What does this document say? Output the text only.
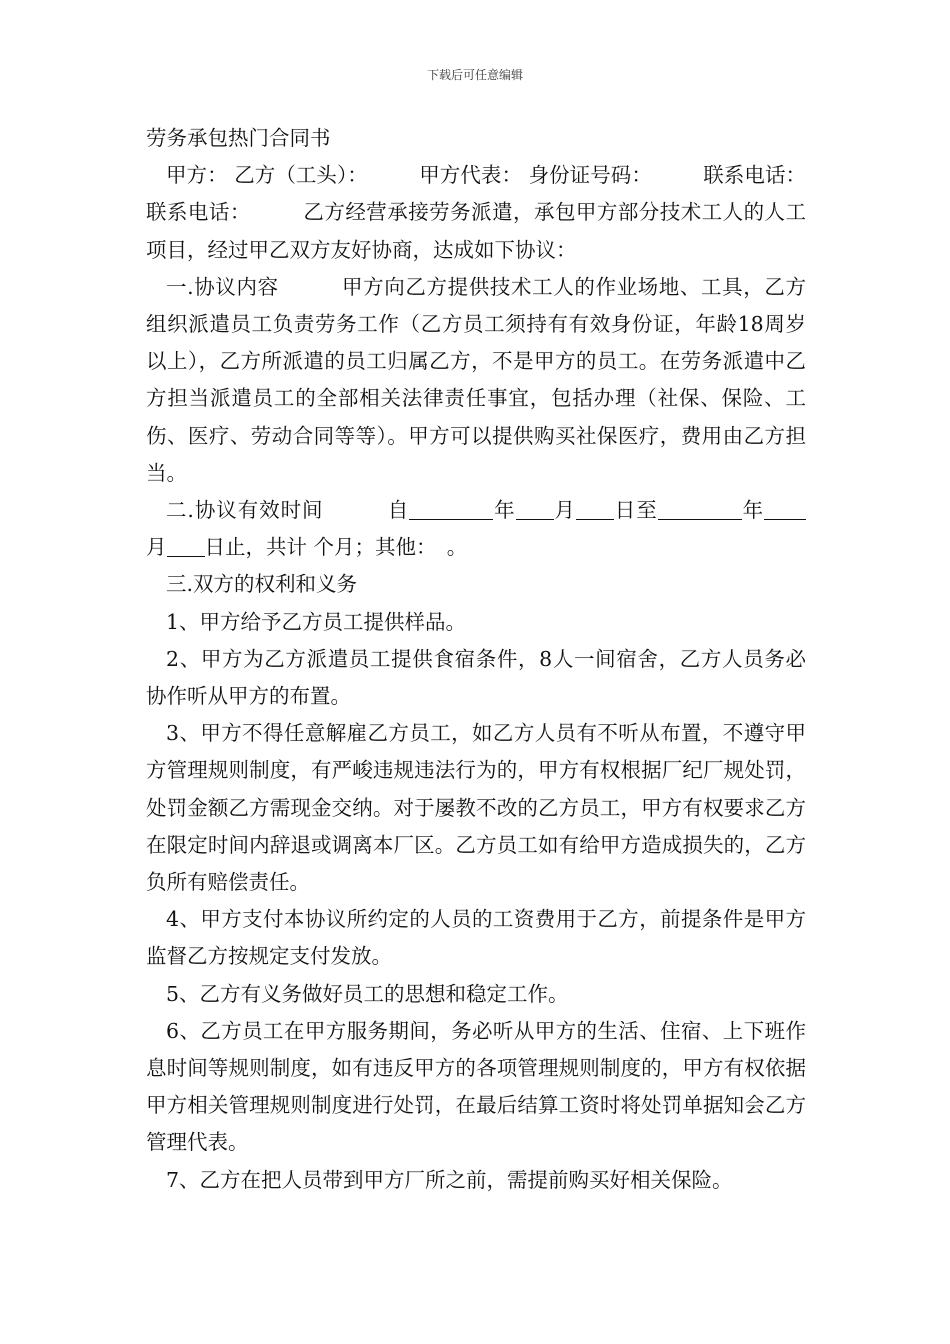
下载后可任意编辑

劳务承包热门合同书

甲方： 乙方（工头）：　　　甲方代表： 身份证号码：　　　联系电话： 联系电话：　　　乙方经营承接劳务派遣，承包甲方部分技术工人的人工项目，经过甲乙双方友好协商，达成如下协议：

一.协议内容　　　甲方向乙方提供技术工人的作业场地、工具，乙方组织派遣员工负责劳务工作（乙方员工须持有有效身份证，年龄18周岁以上），乙方所派遣的员工归属乙方，不是甲方的员工。在劳务派遣中乙方担当派遣员工的全部相关法律责任事宜，包括办理（社保、保险、工伤、医疗、劳动合同等等）。甲方可以提供购买社保医疗，费用由乙方担当。

二.协议有效时间　　　自	年 月 日至	年月 日止，共计 个月；其他：　。

三.双方的权利和义务

1、甲方给予乙方员工提供样品。

2、甲方为乙方派遣员工提供食宿条件，8人一间宿舍，乙方人员务必协作听从甲方的布置。

3、甲方不得任意解雇乙方员工，如乙方人员有不听从布置，不遵守甲方管理规则制度，有严峻违规违法行为的，甲方有权根据厂纪厂规处罚，处罚金额乙方需现金交纳。对于屡教不改的乙方员工，甲方有权要求乙方在限定时间内辞退或调离本厂区。乙方员工如有给甲方造成损失的，乙方负所有赔偿责任。

4、甲方支付本协议所约定的人员的工资费用于乙方，前提条件是甲方监督乙方按规定支付发放。

5、乙方有义务做好员工的思想和稳定工作。

6、乙方员工在甲方服务期间，务必听从甲方的生活、住宿、上下班作息时间等规则制度，如有违反甲方的各项管理规则制度的，甲方有权依据甲方相关管理规则制度进行处罚，在最后结算工资时将处罚单据知会乙方管理代表。

7、乙方在把人员带到甲方厂所之前，需提前购买好相关保险。
